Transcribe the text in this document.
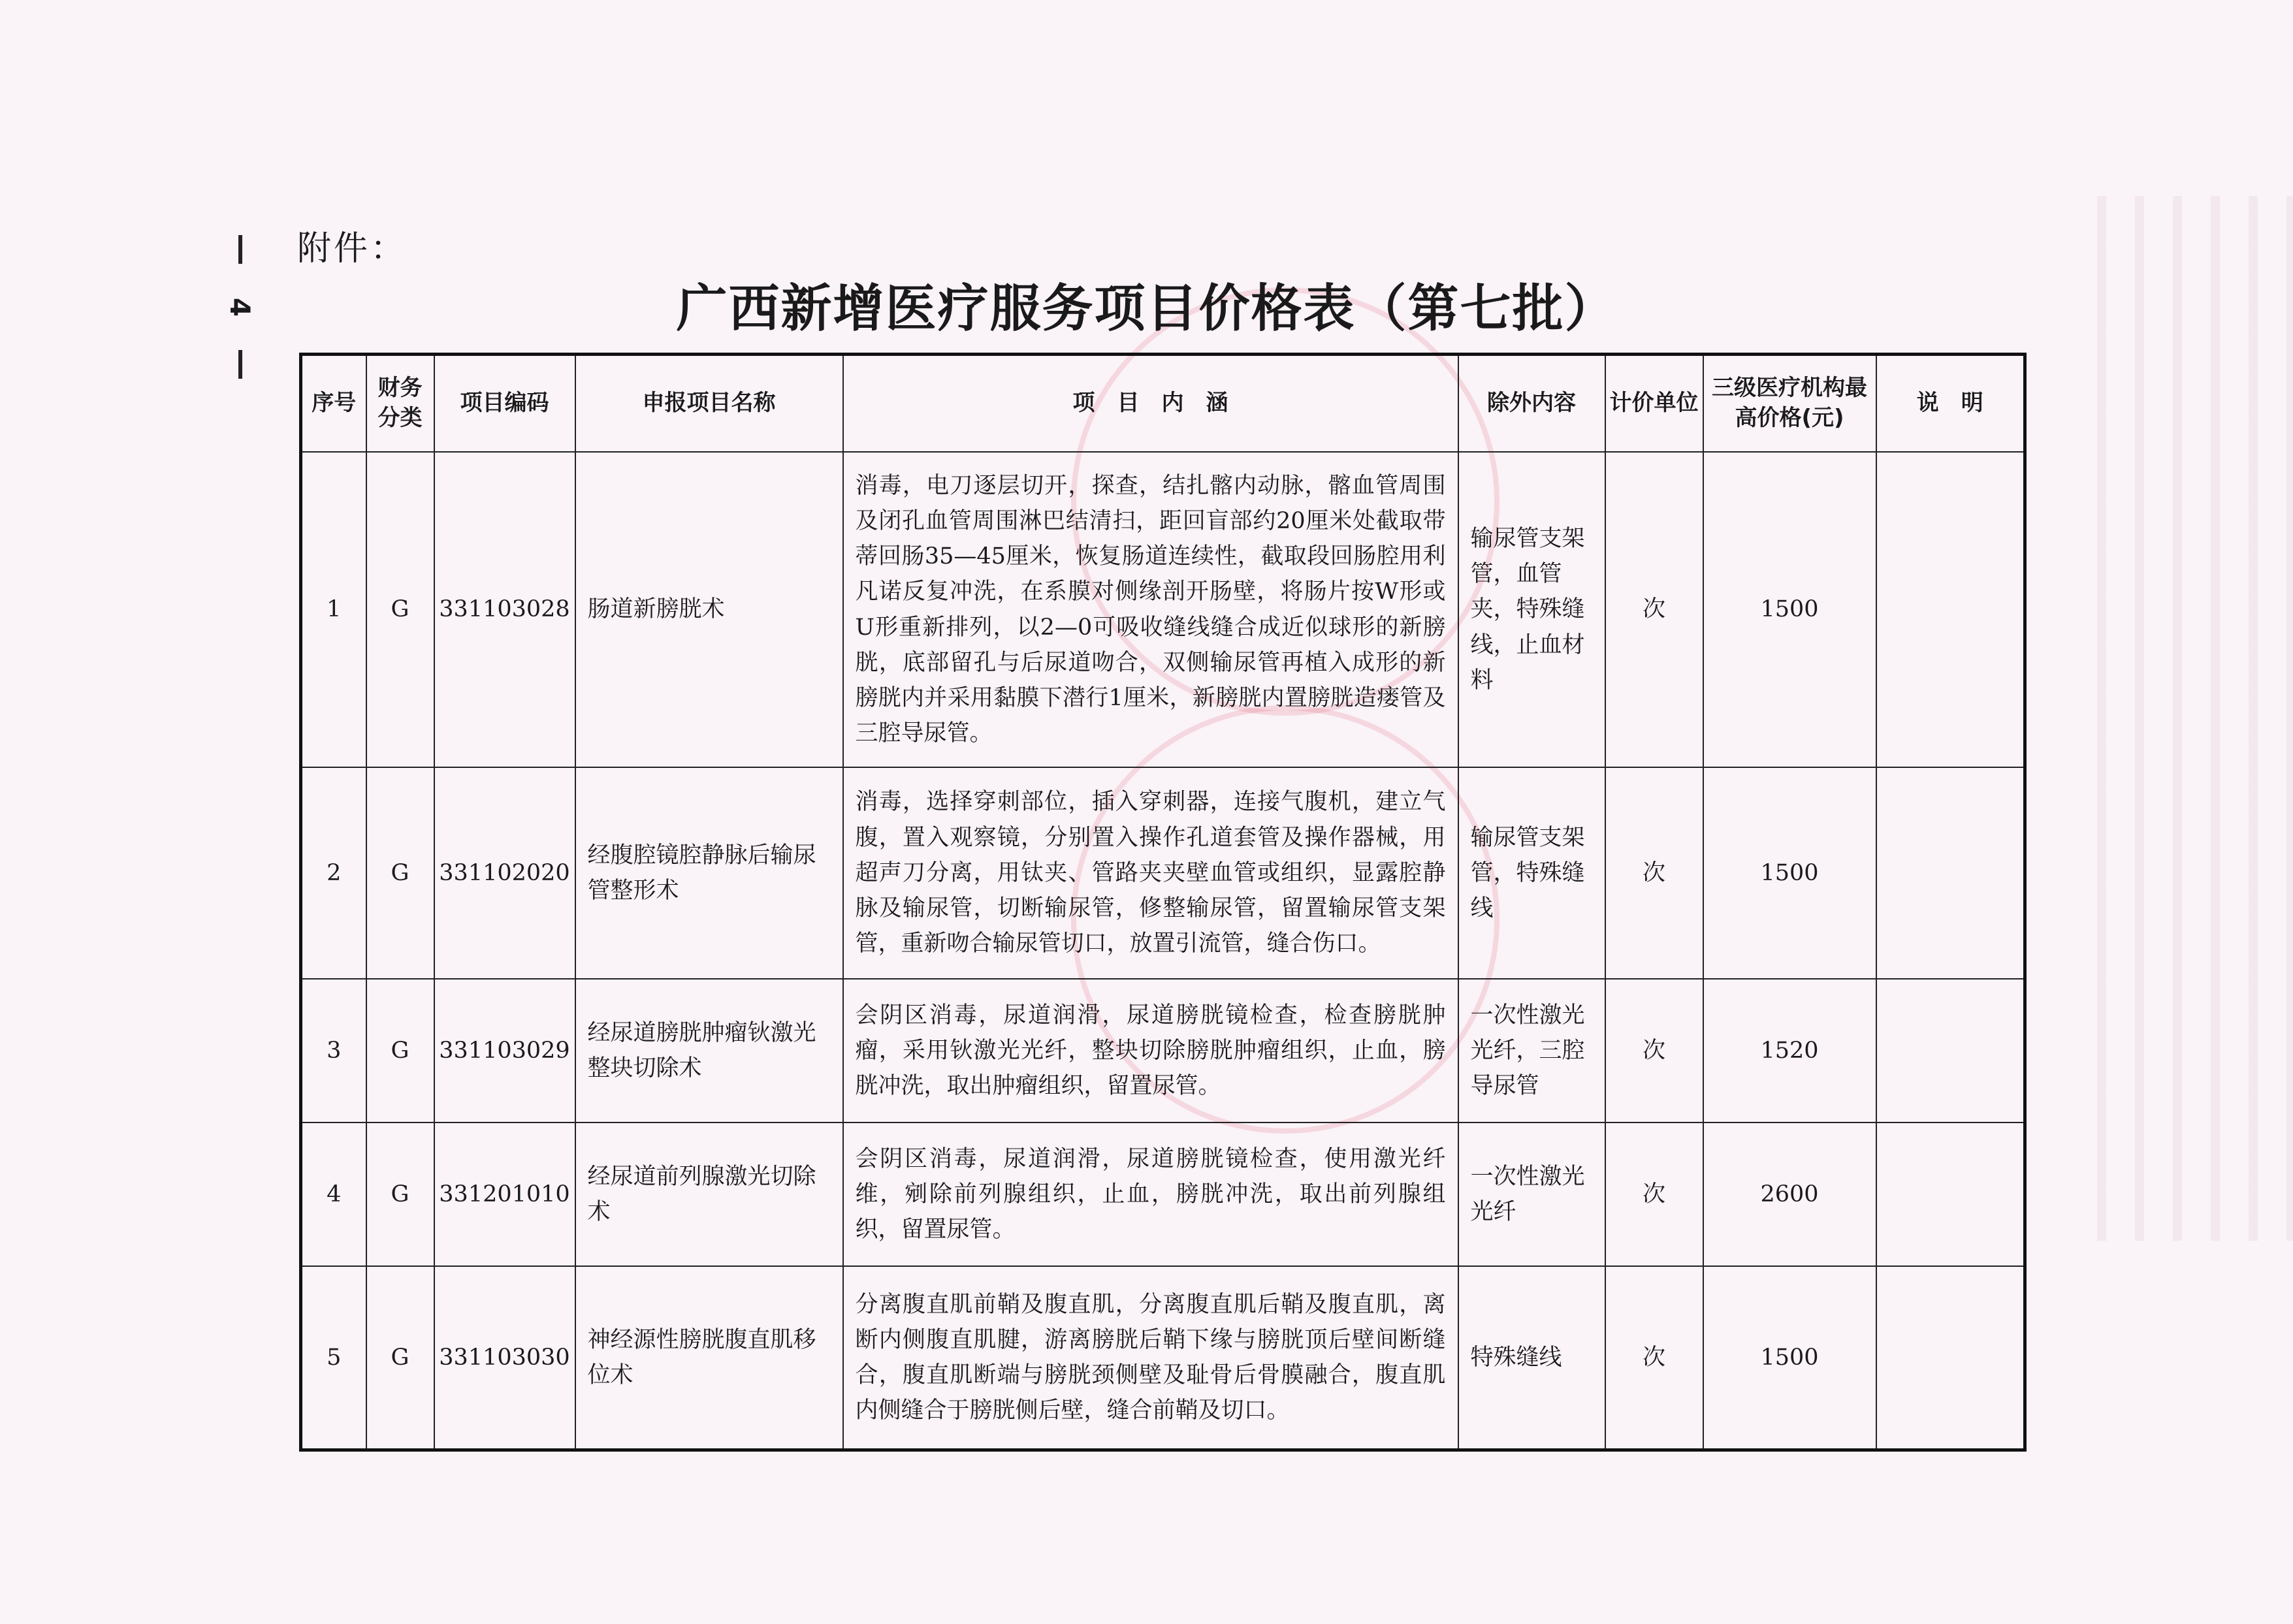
4
附件：
广西新增医疗服务项目价格表（第七批）
序号	财务分类	项目编码	申报项目名称	项　目　内　涵	除外内容	计价单位	三级医疗机构最高价格(元)	说　明
1	G	331103028	肠道新膀胱术	消毒，电刀逐层切开，探查，结扎髂内动脉，髂血管周围及闭孔血管周围淋巴结清扫，距回盲部约20厘米处截取带蒂回肠35—45厘米，恢复肠道连续性，截取段回肠腔用利凡诺反复冲洗，在系膜对侧缘剖开肠壁，将肠片按W形或U形重新排列，以2—0可吸收缝线缝合成近似球形的新膀胱，底部留孔与后尿道吻合，双侧输尿管再植入成形的新膀胱内并采用黏膜下潜行1厘米，新膀胱内置膀胱造瘘管及三腔导尿管。	输尿管支架管，血管夹，特殊缝线，止血材料	次	1500	
2	G	331102020	经腹腔镜腔静脉后输尿管整形术	消毒，选择穿刺部位，插入穿刺器，连接气腹机，建立气腹，置入观察镜，分别置入操作孔道套管及操作器械，用超声刀分离，用钛夹、管路夹夹壁血管或组织，显露腔静脉及输尿管，切断输尿管，修整输尿管，留置输尿管支架管，重新吻合输尿管切口，放置引流管，缝合伤口。	输尿管支架管，特殊缝线	次	1500	
3	G	331103029	经尿道膀胱肿瘤钬激光整块切除术	会阴区消毒，尿道润滑，尿道膀胱镜检查，检查膀胱肿瘤，采用钬激光光纤，整块切除膀胱肿瘤组织，止血，膀胱冲洗，取出肿瘤组织，留置尿管。	一次性激光光纤，三腔导尿管	次	1520	
4	G	331201010	经尿道前列腺激光切除术	会阴区消毒，尿道润滑，尿道膀胱镜检查，使用激光纤维，剜除前列腺组织，止血，膀胱冲洗，取出前列腺组织，留置尿管。	一次性激光光纤	次	2600	
5	G	331103030	神经源性膀胱腹直肌移位术	分离腹直肌前鞘及腹直肌，分离腹直肌后鞘及腹直肌，离断内侧腹直肌腱，游离膀胱后鞘下缘与膀胱顶后壁间断缝合，腹直肌断端与膀胱颈侧壁及耻骨后骨膜融合，腹直肌内侧缝合于膀胱侧后壁，缝合前鞘及切口。	特殊缝线	次	1500	
